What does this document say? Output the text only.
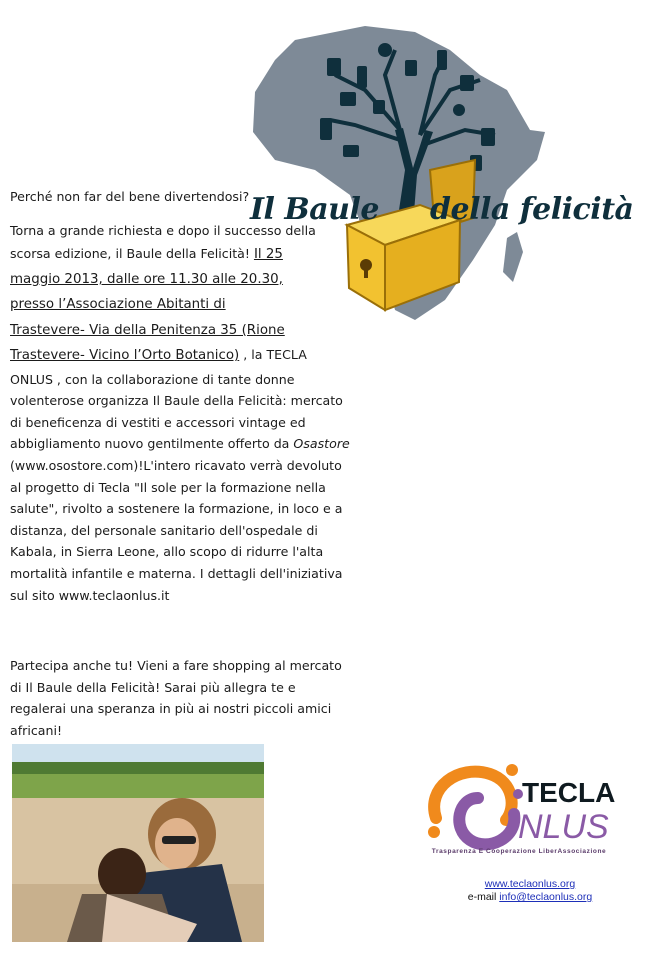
Il Baule della felicità
Perché non far del bene divertendosi?
Torna a grande richiesta e dopo il successo della scorsa edizione, il Baule della Felicità! Il 25
maggio 2013, dalle ore 11.30 alle 20.30,
presso l’Associazione Abitanti di
Trastevere- Via della Penitenza 35 (Rione
Trastevere- Vicino l’Orto Botanico) , la TECLA ONLUS , con la collaborazione di tante donne volenterose organizza Il Baule della Felicità: mercato di beneficenza di vestiti e accessori vintage ed abbigliamento nuovo gentilmente offerto da Osastore (www.osostore.com)!L'intero ricavato verrà devoluto al progetto di Tecla "Il sole per la formazione nella salute", rivolto a sostenere la formazione, in loco e a distanza, del personale sanitario dell'ospedale di Kabala, in Sierra Leone, allo scopo di ridurre l'alta mortalità infantile e materna. I dettagli dell'iniziativa sul sito www.teclaonlus.it
Partecipa anche tu! Vieni a fare shopping al mercato di Il Baule della Felicità! Sarai più allegra te e regalerai una speranza in più ai nostri piccoli amici africani!
TECLA
NLUS
Trasparenza E Cooperazione LiberAssociazione
www.teclaonlus.org
e-mail info@teclaonlus.org
